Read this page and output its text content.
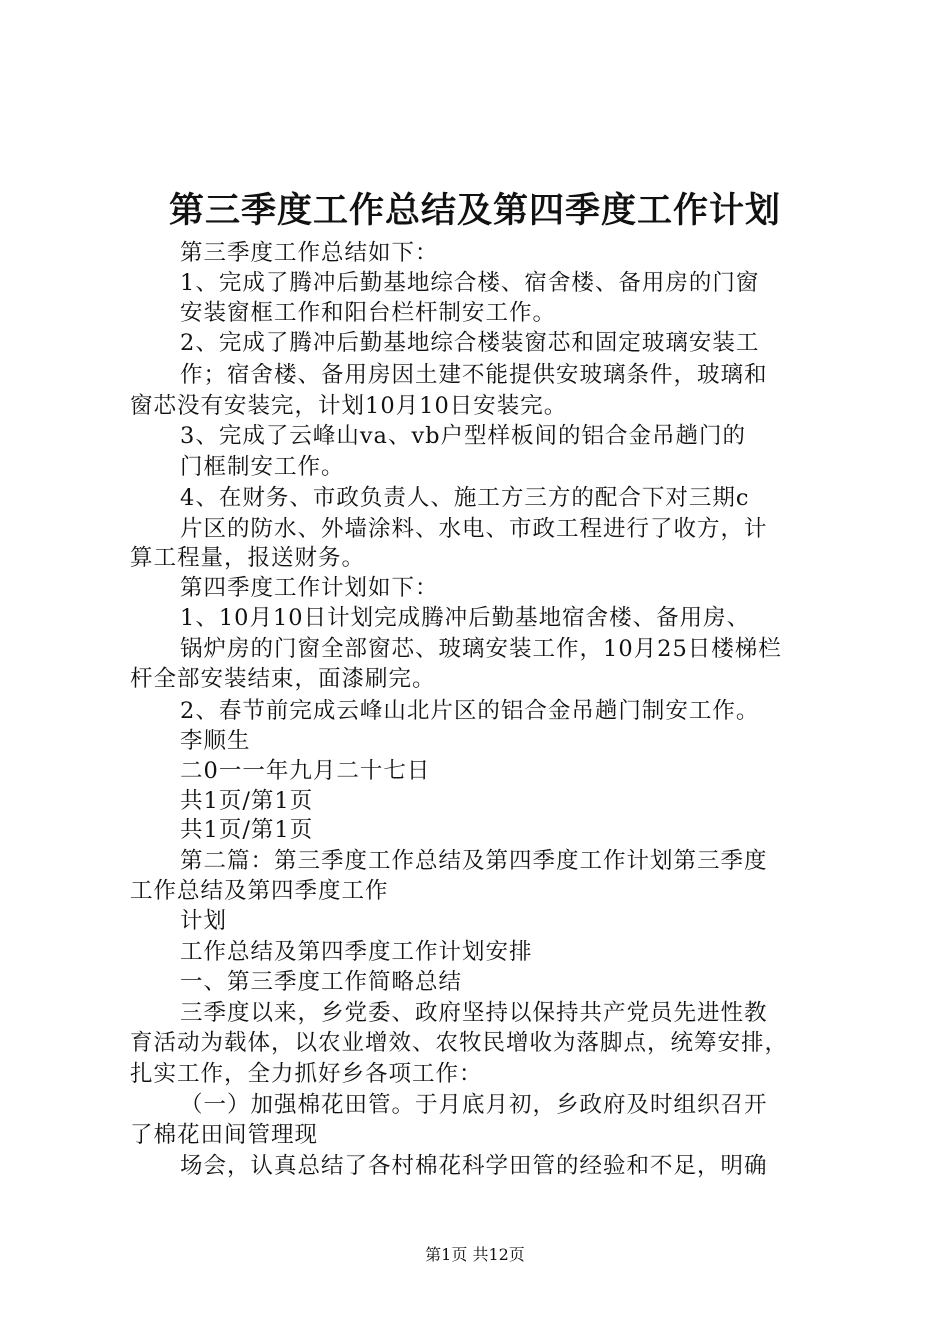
第三季度工作总结及第四季度工作计划
第三季度工作总结如下：
1、完成了腾冲后勤基地综合楼、宿舍楼、备用房的门窗
安装窗框工作和阳台栏杆制安工作。
2、完成了腾冲后勤基地综合楼装窗芯和固定玻璃安装工
作；宿舍楼、备用房因土建不能提供安玻璃条件，玻璃和
窗芯没有安装完，计划10月10日安装完。
3、完成了云峰山va、vb户型样板间的铝合金吊趟门的
门框制安工作。
4、在财务、市政负责人、施工方三方的配合下对三期c
片区的防水、外墙涂料、水电、市政工程进行了收方，计
算工程量，报送财务。
第四季度工作计划如下：
1、10月10日计划完成腾冲后勤基地宿舍楼、备用房、
锅炉房的门窗全部窗芯、玻璃安装工作，10月25日楼梯栏
杆全部安装结束，面漆刷完。
2、春节前完成云峰山北片区的铝合金吊趟门制安工作。
李顺生
二0一一年九月二十七日
共1页/第1页
共1页/第1页
第二篇：第三季度工作总结及第四季度工作计划第三季度
工作总结及第四季度工作
计划
工作总结及第四季度工作计划安排
一、第三季度工作简略总结
三季度以来，乡党委、政府坚持以保持共产党员先进性教
育活动为载体，以农业增效、农牧民增收为落脚点，统筹安排，
扎实工作，全力抓好乡各项工作：
（一）加强棉花田管。于月底月初，乡政府及时组织召开
了棉花田间管理现
场会，认真总结了各村棉花科学田管的经验和不足，明确
第1页 共12页
